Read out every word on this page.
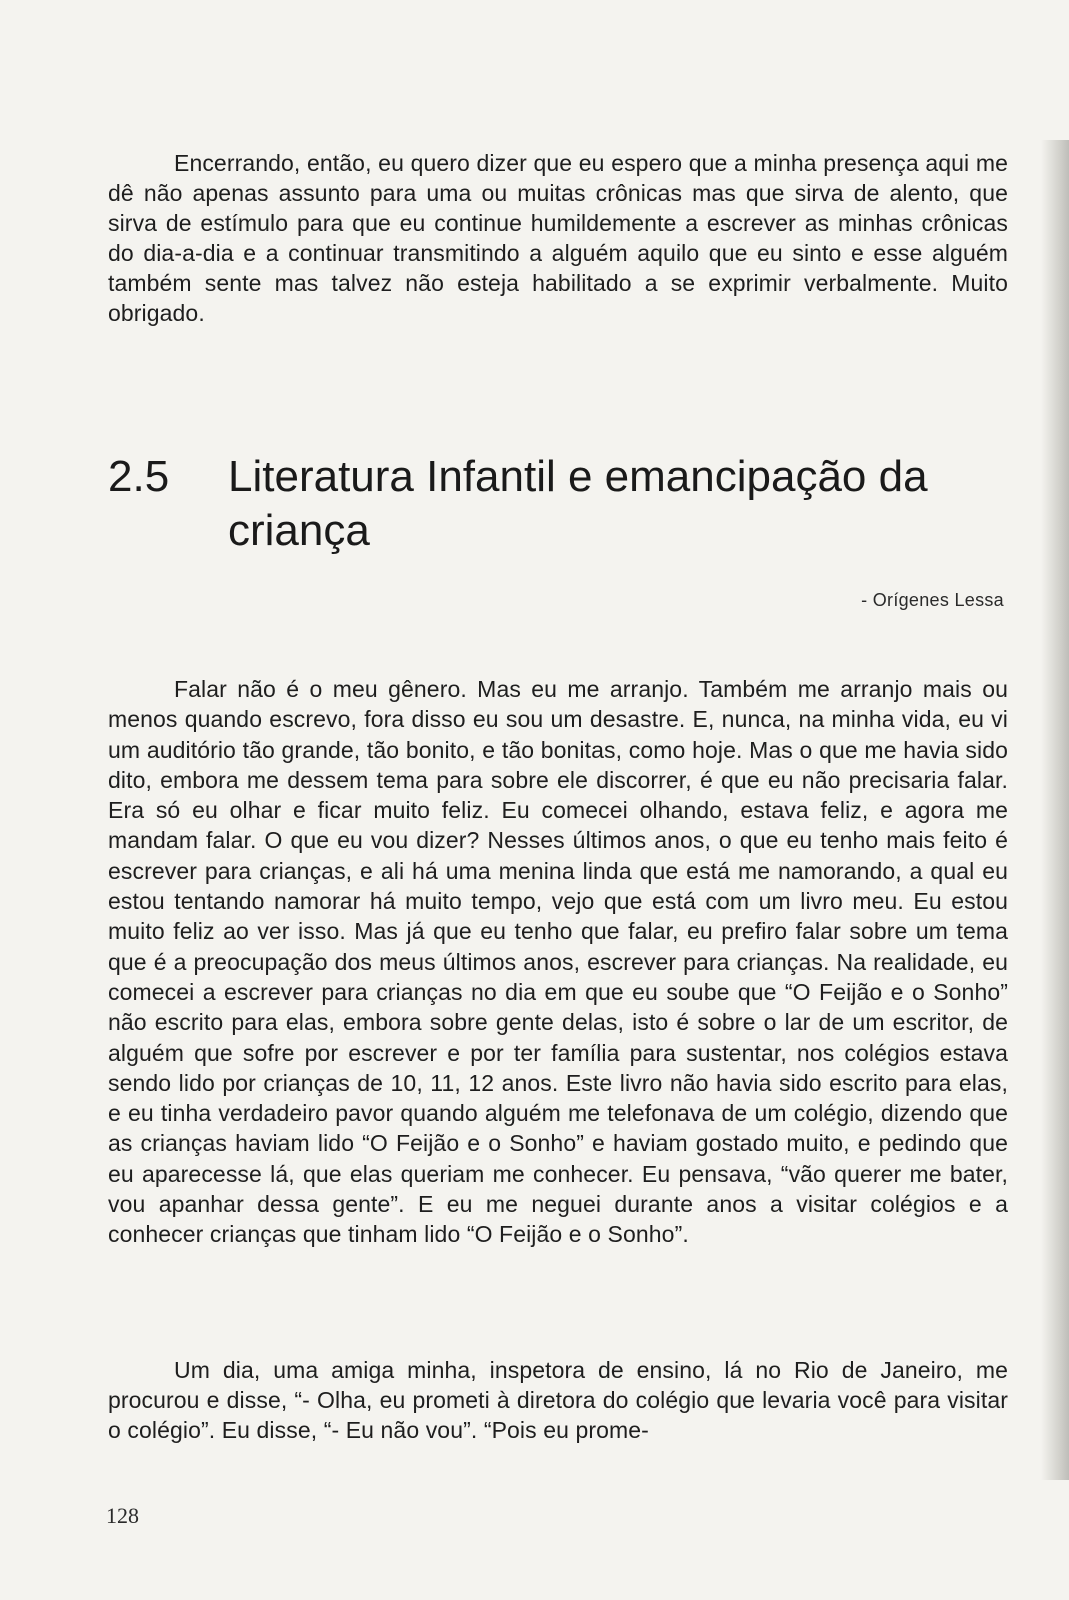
Encerrando, então, eu quero dizer que eu espero que a minha presença aqui me dê não apenas assunto para uma ou muitas crônicas mas que sirva de alento, que sirva de estímulo para que eu continue humildemente a escrever as minhas crônicas do dia-a-dia e a continuar transmitindo a alguém aquilo que eu sinto e esse alguém também sente mas talvez não esteja habilitado a se exprimir verbalmente. Muito obrigado.

2.5	Literatura Infantil e emancipação da criança
- Orígenes Lessa

Falar não é o meu gênero. Mas eu me arranjo. Também me arranjo mais ou menos quando escrevo, fora disso eu sou um desastre. E, nunca, na minha vida, eu vi um auditório tão grande, tão bonito, e tão bonitas, como hoje. Mas o que me havia sido dito, embora me dessem tema para sobre ele discorrer, é que eu não precisaria falar. Era só eu olhar e ficar muito feliz. Eu comecei olhando, estava feliz, e agora me mandam falar. O que eu vou dizer? Nesses últimos anos, o que eu tenho mais feito é escrever para crianças, e ali há uma menina linda que está me namorando, a qual eu estou tentando namorar há muito tempo, vejo que está com um livro meu. Eu estou muito feliz ao ver isso. Mas já que eu tenho que falar, eu prefiro falar sobre um tema que é a preocupação dos meus últimos anos, escrever para crianças. Na realidade, eu comecei a escrever para crianças no dia em que eu soube que “O Feijão e o Sonho” não escrito para elas, embora sobre gente delas, isto é sobre o lar de um escritor, de alguém que sofre por escrever e por ter família para sustentar, nos colégios estava sendo lido por crianças de 10, 11, 12 anos. Este livro não havia sido escrito para elas, e eu tinha verdadeiro pavor quando alguém me telefonava de um colégio, dizendo que as crianças haviam lido “O Feijão e o Sonho” e haviam gostado muito, e pedindo que eu aparecesse lá, que elas queriam me conhecer. Eu pensava, “vão querer me bater, vou apanhar dessa gente”. E eu me neguei durante anos a visitar colégios e a conhecer crianças que tinham lido “O Feijão e o Sonho”.

Um dia, uma amiga minha, inspetora de ensino, lá no Rio de Janeiro, me procurou e disse, “- Olha, eu prometi à diretora do colégio que levaria você para visitar o colégio”. Eu disse, “- Eu não vou”. “Pois eu prome-

128
